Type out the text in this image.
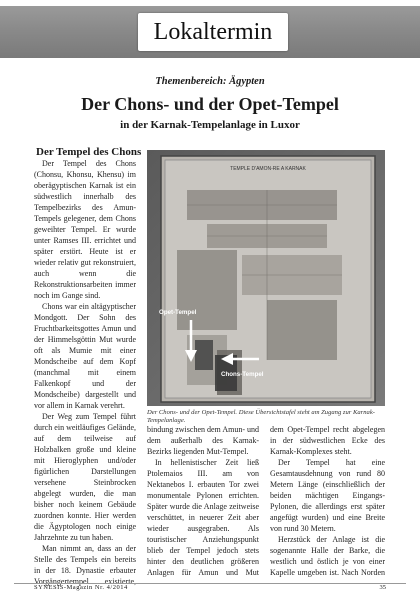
Lokaltermin
Themenbereich: Ägypten
Der Chons- und der Opet-Tempel
in der Karnak-Tempelanlage in Luxor
Der Tempel des Chons

Der Tempel des Chons (Chonsu, Khonsu, Khensu) im oberägyptischen Karnak ist ein südwestlich innerhalb des Tempelbezirks des Amun-Tempels gelegener, dem Chons geweihter Tempel. Er wurde unter Ramses III. errichtet und später erstört. Heute ist er wieder relativ gut rekonstruiert, auch wenn die Rekonstruktionsarbeiten immer noch im Gange sind.

Chons war ein altägyptischer Mondgott. Der Sohn des Fruchtbarkeitsgottes Amun und der Himmelsgöttin Mut wurde oft als Mumie mit einer Mondscheibe auf dem Kopf (manchmal mit einem Falkenkopf und der Mondscheibe) dargestellt und vor allem in Karnak verehrt.

Der Weg zum Tempel führt durch ein weitläufiges Gelände, auf dem teilweise auf Holzbalken große und kleine mit Hieroglyphen und/oder figürlichen Darstellungen versehene Steinbrocken abgelegt wurden, die man bisher noch keinem Gebäude zuordnen konnte. Hier werden die Ägyptologen noch einige Jahrzehnte zu tun haben.

Man nimmt an, dass an der Stelle des Tempels ein bereits in der 18. Dynastie erbauter Vorgängertempel existierte,

TEMPLE D'AMON-RE A KARNAK
Opet-Tempel
Chons-Tempel
Der Chons- und der Opet-Tempel. Diese Übersichtstafel steht am Zugang zur Karnak-Tempelanlage.

bindung zwischen dem Amun- und dem außerhalb des Karnak-Bezirks liegenden Mut-Tempel.

In hellenistischer Zeit ließ Ptolemaios III. am von Nektanebos I. erbauten Tor zwei monumentale Pylonen errichten. Später wurde die Anlage zeitweise verschüttet, in neuerer Zeit aber wieder ausgegraben. Als touristischer Anziehungspunkt blieb der Tempel jedoch stets hinter den deutlichen größeren Anlagen für Amun und Mut

dem Opet-Tempel recht abgelegen in der südwestlichen Ecke des Karnak-Komplexes steht.

Der Tempel hat eine Gesamtausdehnung von rund 80 Metern Länge (einschließlich der beiden mächtigen Eingangs-Pylonen, die allerdings erst später angefügt wurden) und eine Breite von rund 30 Metern.

Herzstück der Anlage ist die sogenannte Halle der Barke, die westlich und östlich je von einer Kapelle umgeben ist. Nach Norden

SYNESIS-Magazin Nr. 4/2014	35
